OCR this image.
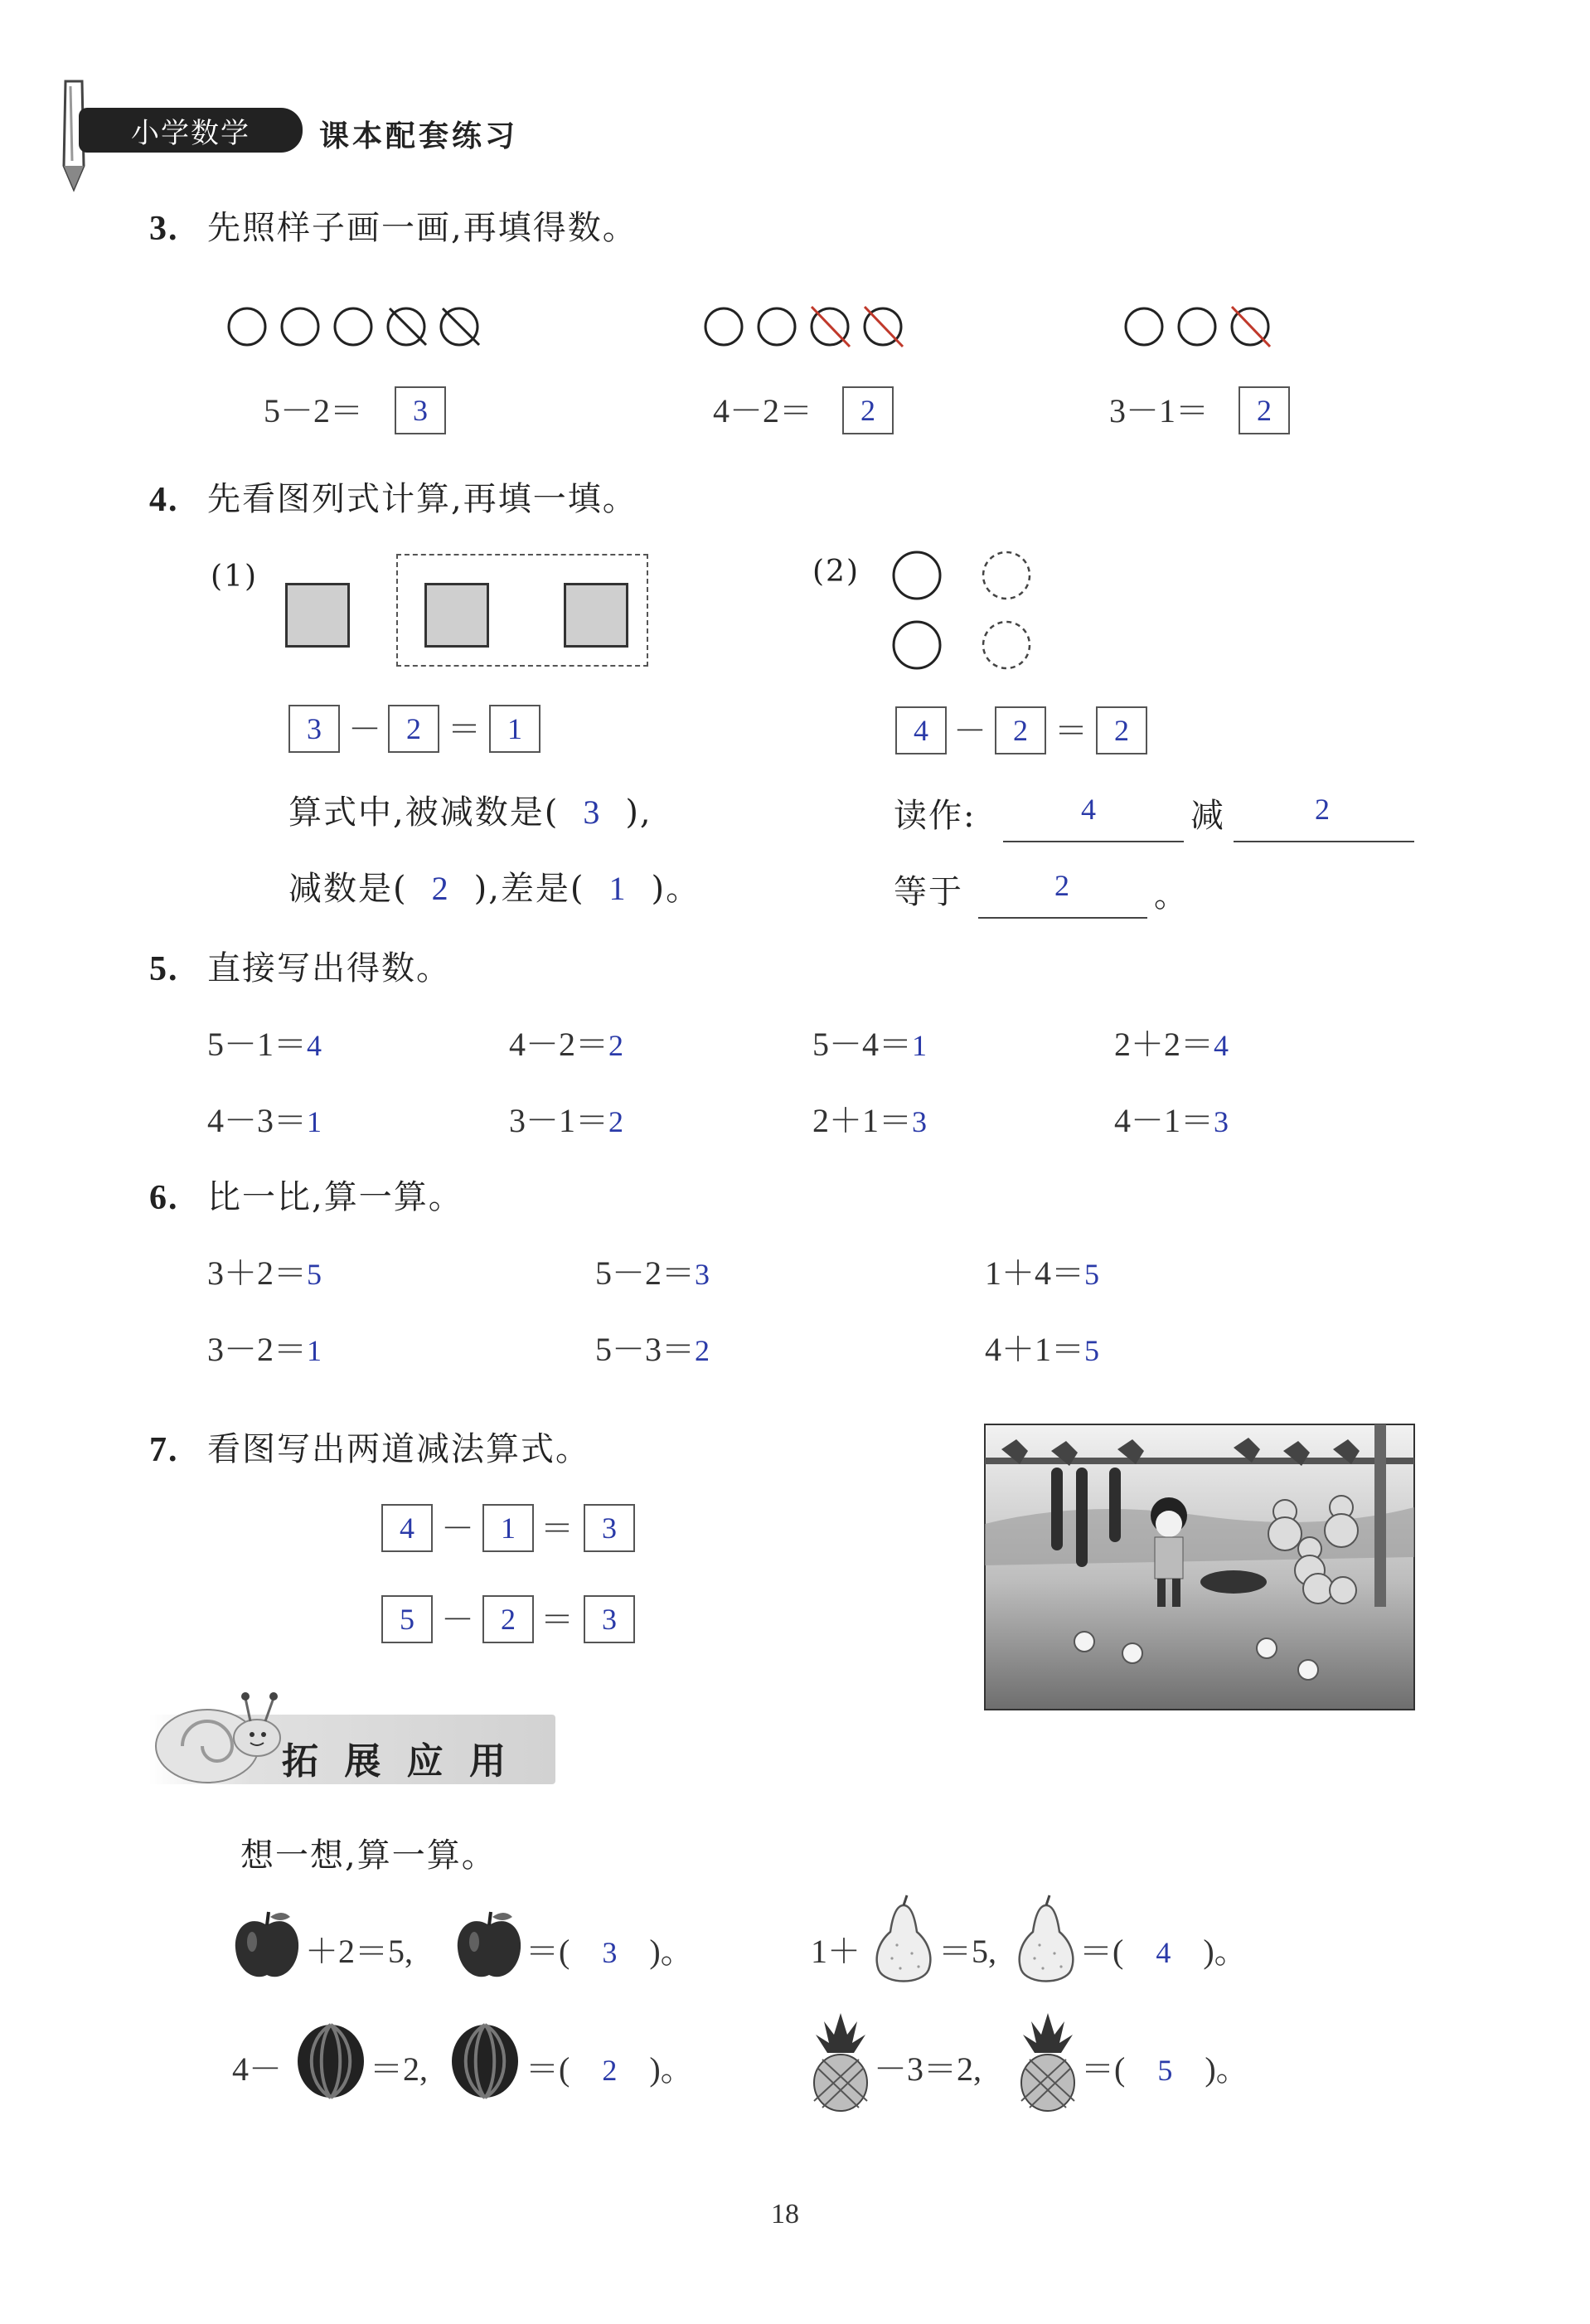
小学数学	课本配套练习
3. 先照样子画一画,再填得数。
5－2＝	3	4－2＝	2	3－1＝	2
4. 先看图列式计算,再填一填。
(1)
3 － 2 ＝ 1
算式中,被减数是( 3 ),
减数是( 2 ),差是( 1 )。
(2)
4 － 2 ＝ 2
读作:	4	减	2
等于	2	。
5. 直接写出得数。
5－1＝4	4－2＝2	5－4＝1	2＋2＝4
4－3＝1	3－1＝2	2＋1＝3	4－1＝3
6. 比一比,算一算。
3＋2＝5	5－2＝3	1＋4＝5
3－2＝1	5－3＝2	4＋1＝5
7. 看图写出两道减法算式。
4 － 1 ＝ 3
5 － 2 ＝ 3
拓 展 应 用
想一想,算一算。
＋2＝5,	＝( 3 )。	1＋ ＝5,	＝( 4 )。
4－	＝2,	＝( 2 )。	－3＝2,	＝( 5 )。
18
